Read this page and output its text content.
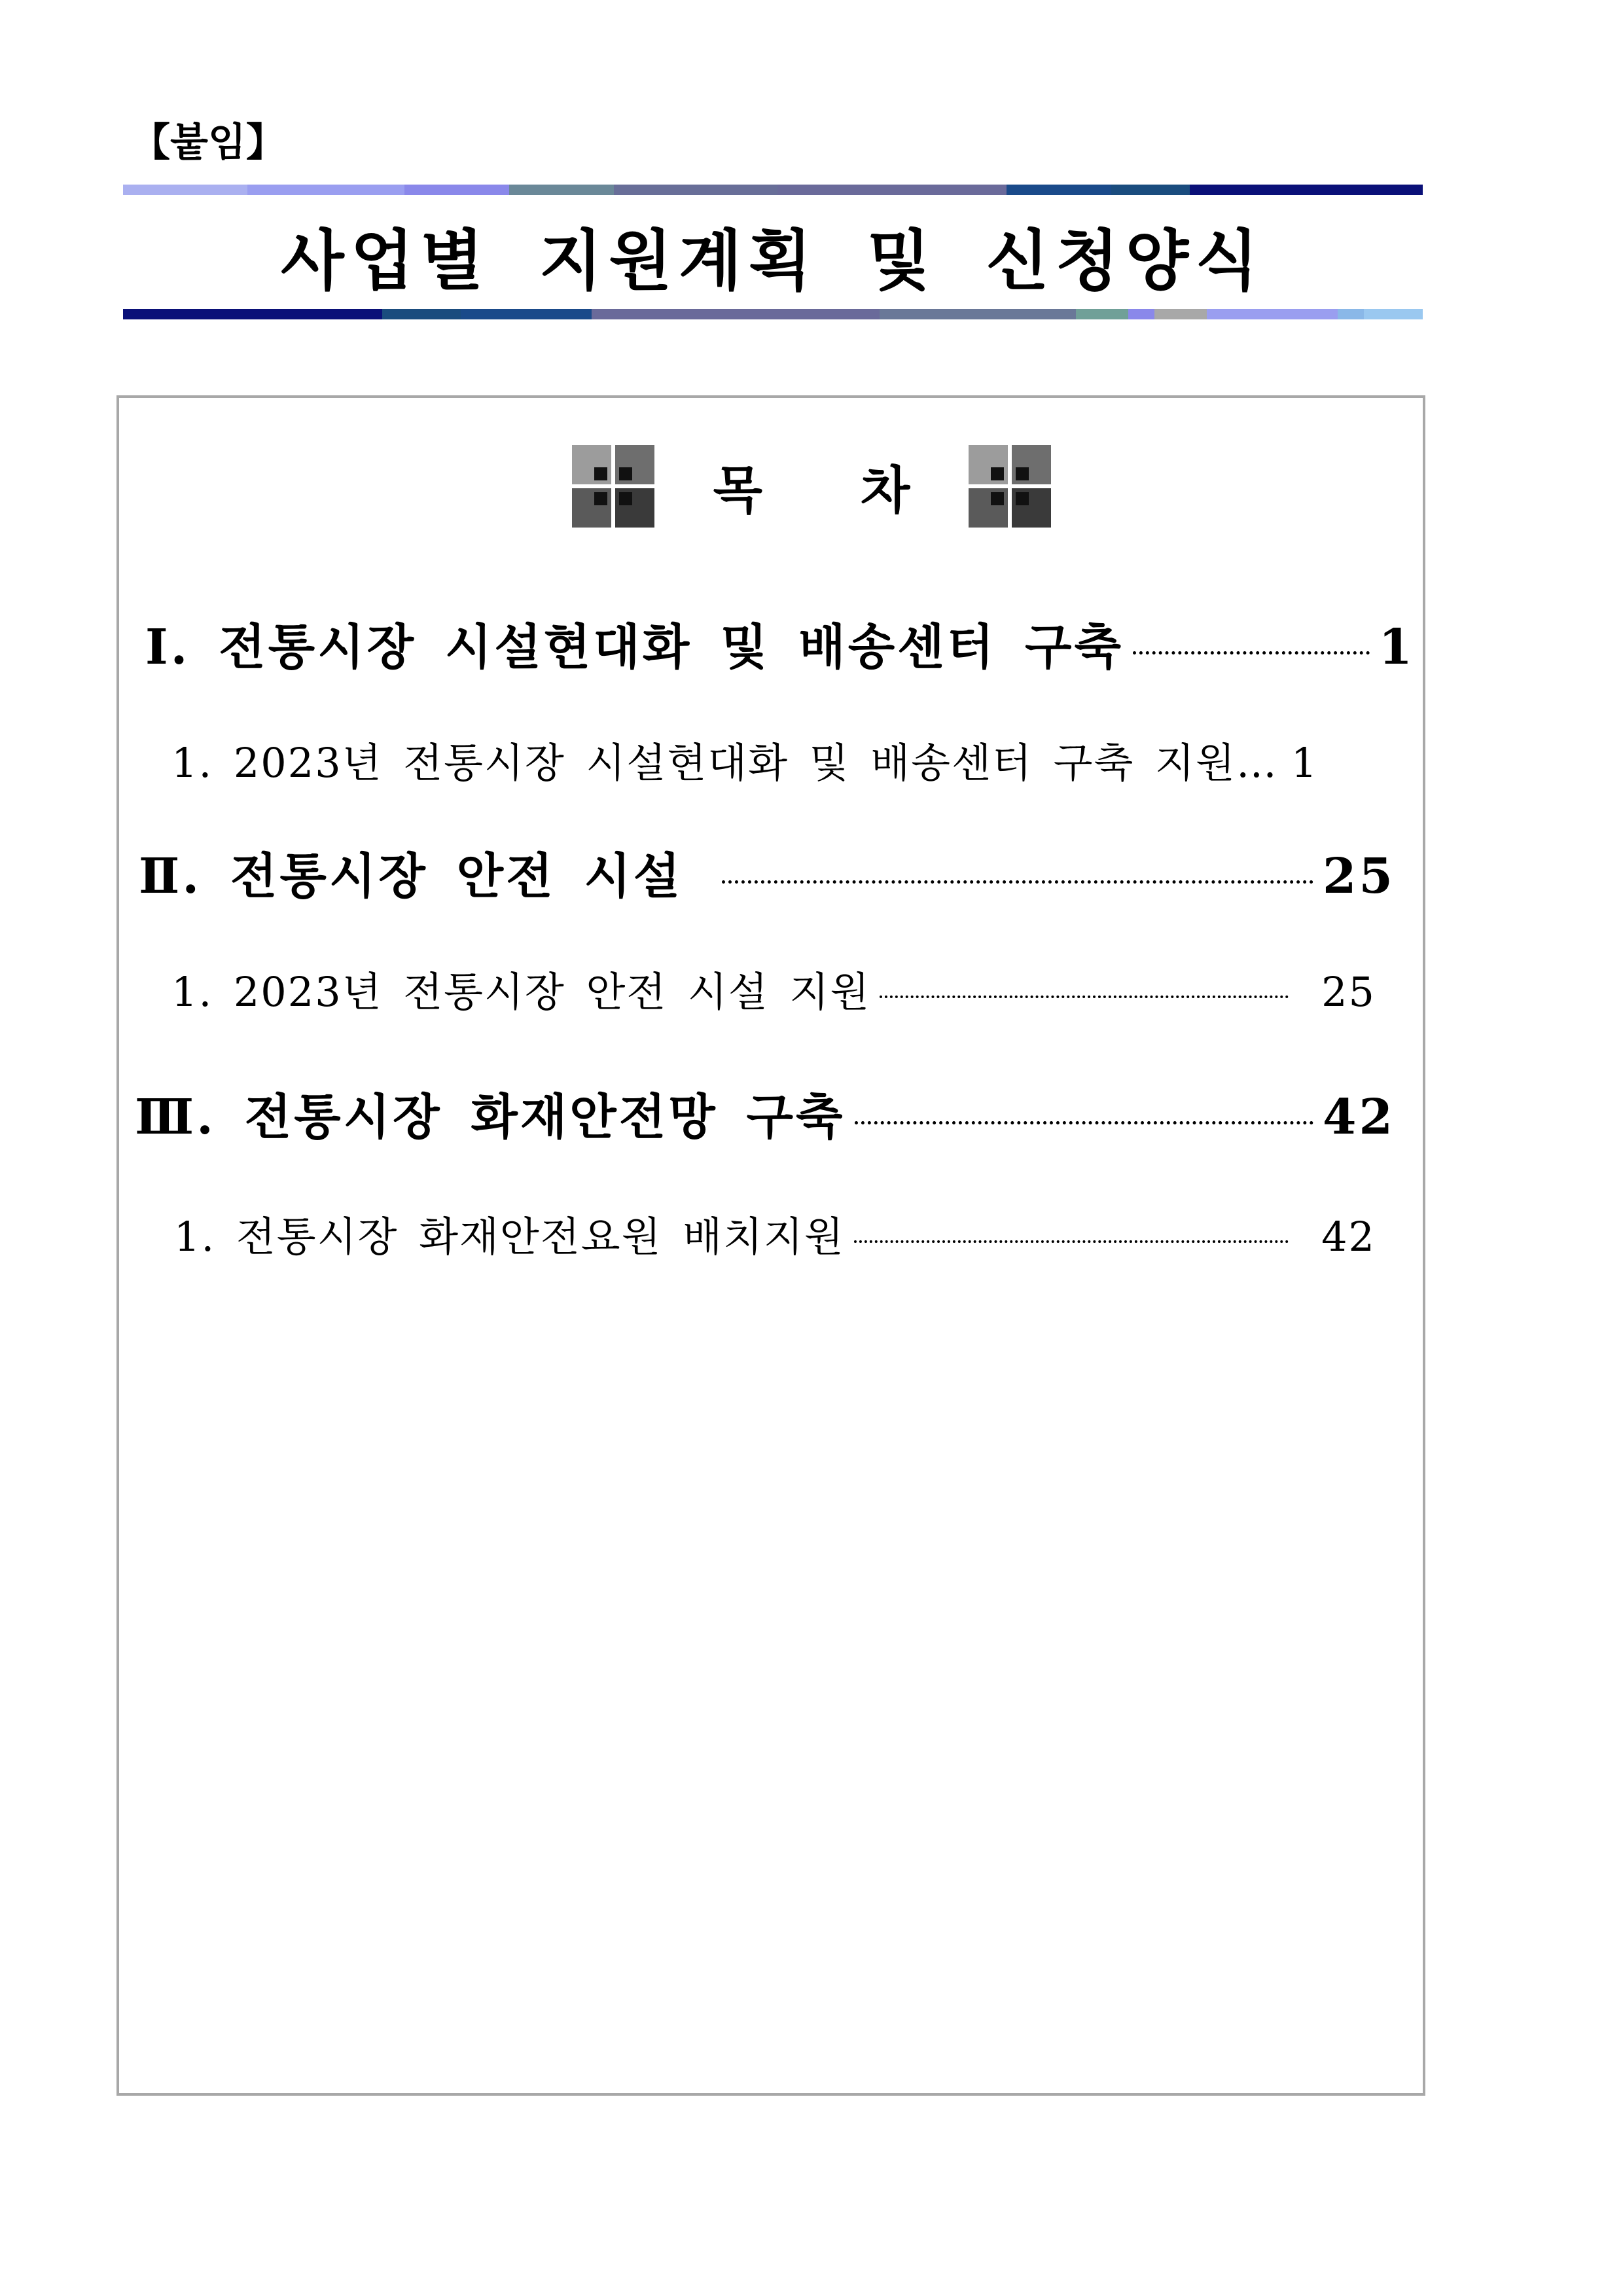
【붙임】
사업별 지원계획 및 신청양식
목 차
Ⅰ. 전통시장 시설현대화 및 배송센터 구축	1
1. 2023년 전통시장 시설현대화 및 배송센터 구축 지원… 1
Ⅱ. 전통시장 안전 시설	25
1. 2023년 전통시장 안전 시설 지원	25
Ⅲ. 전통시장 화재안전망 구축	42
1. 전통시장 화재안전요원 배치지원	42
